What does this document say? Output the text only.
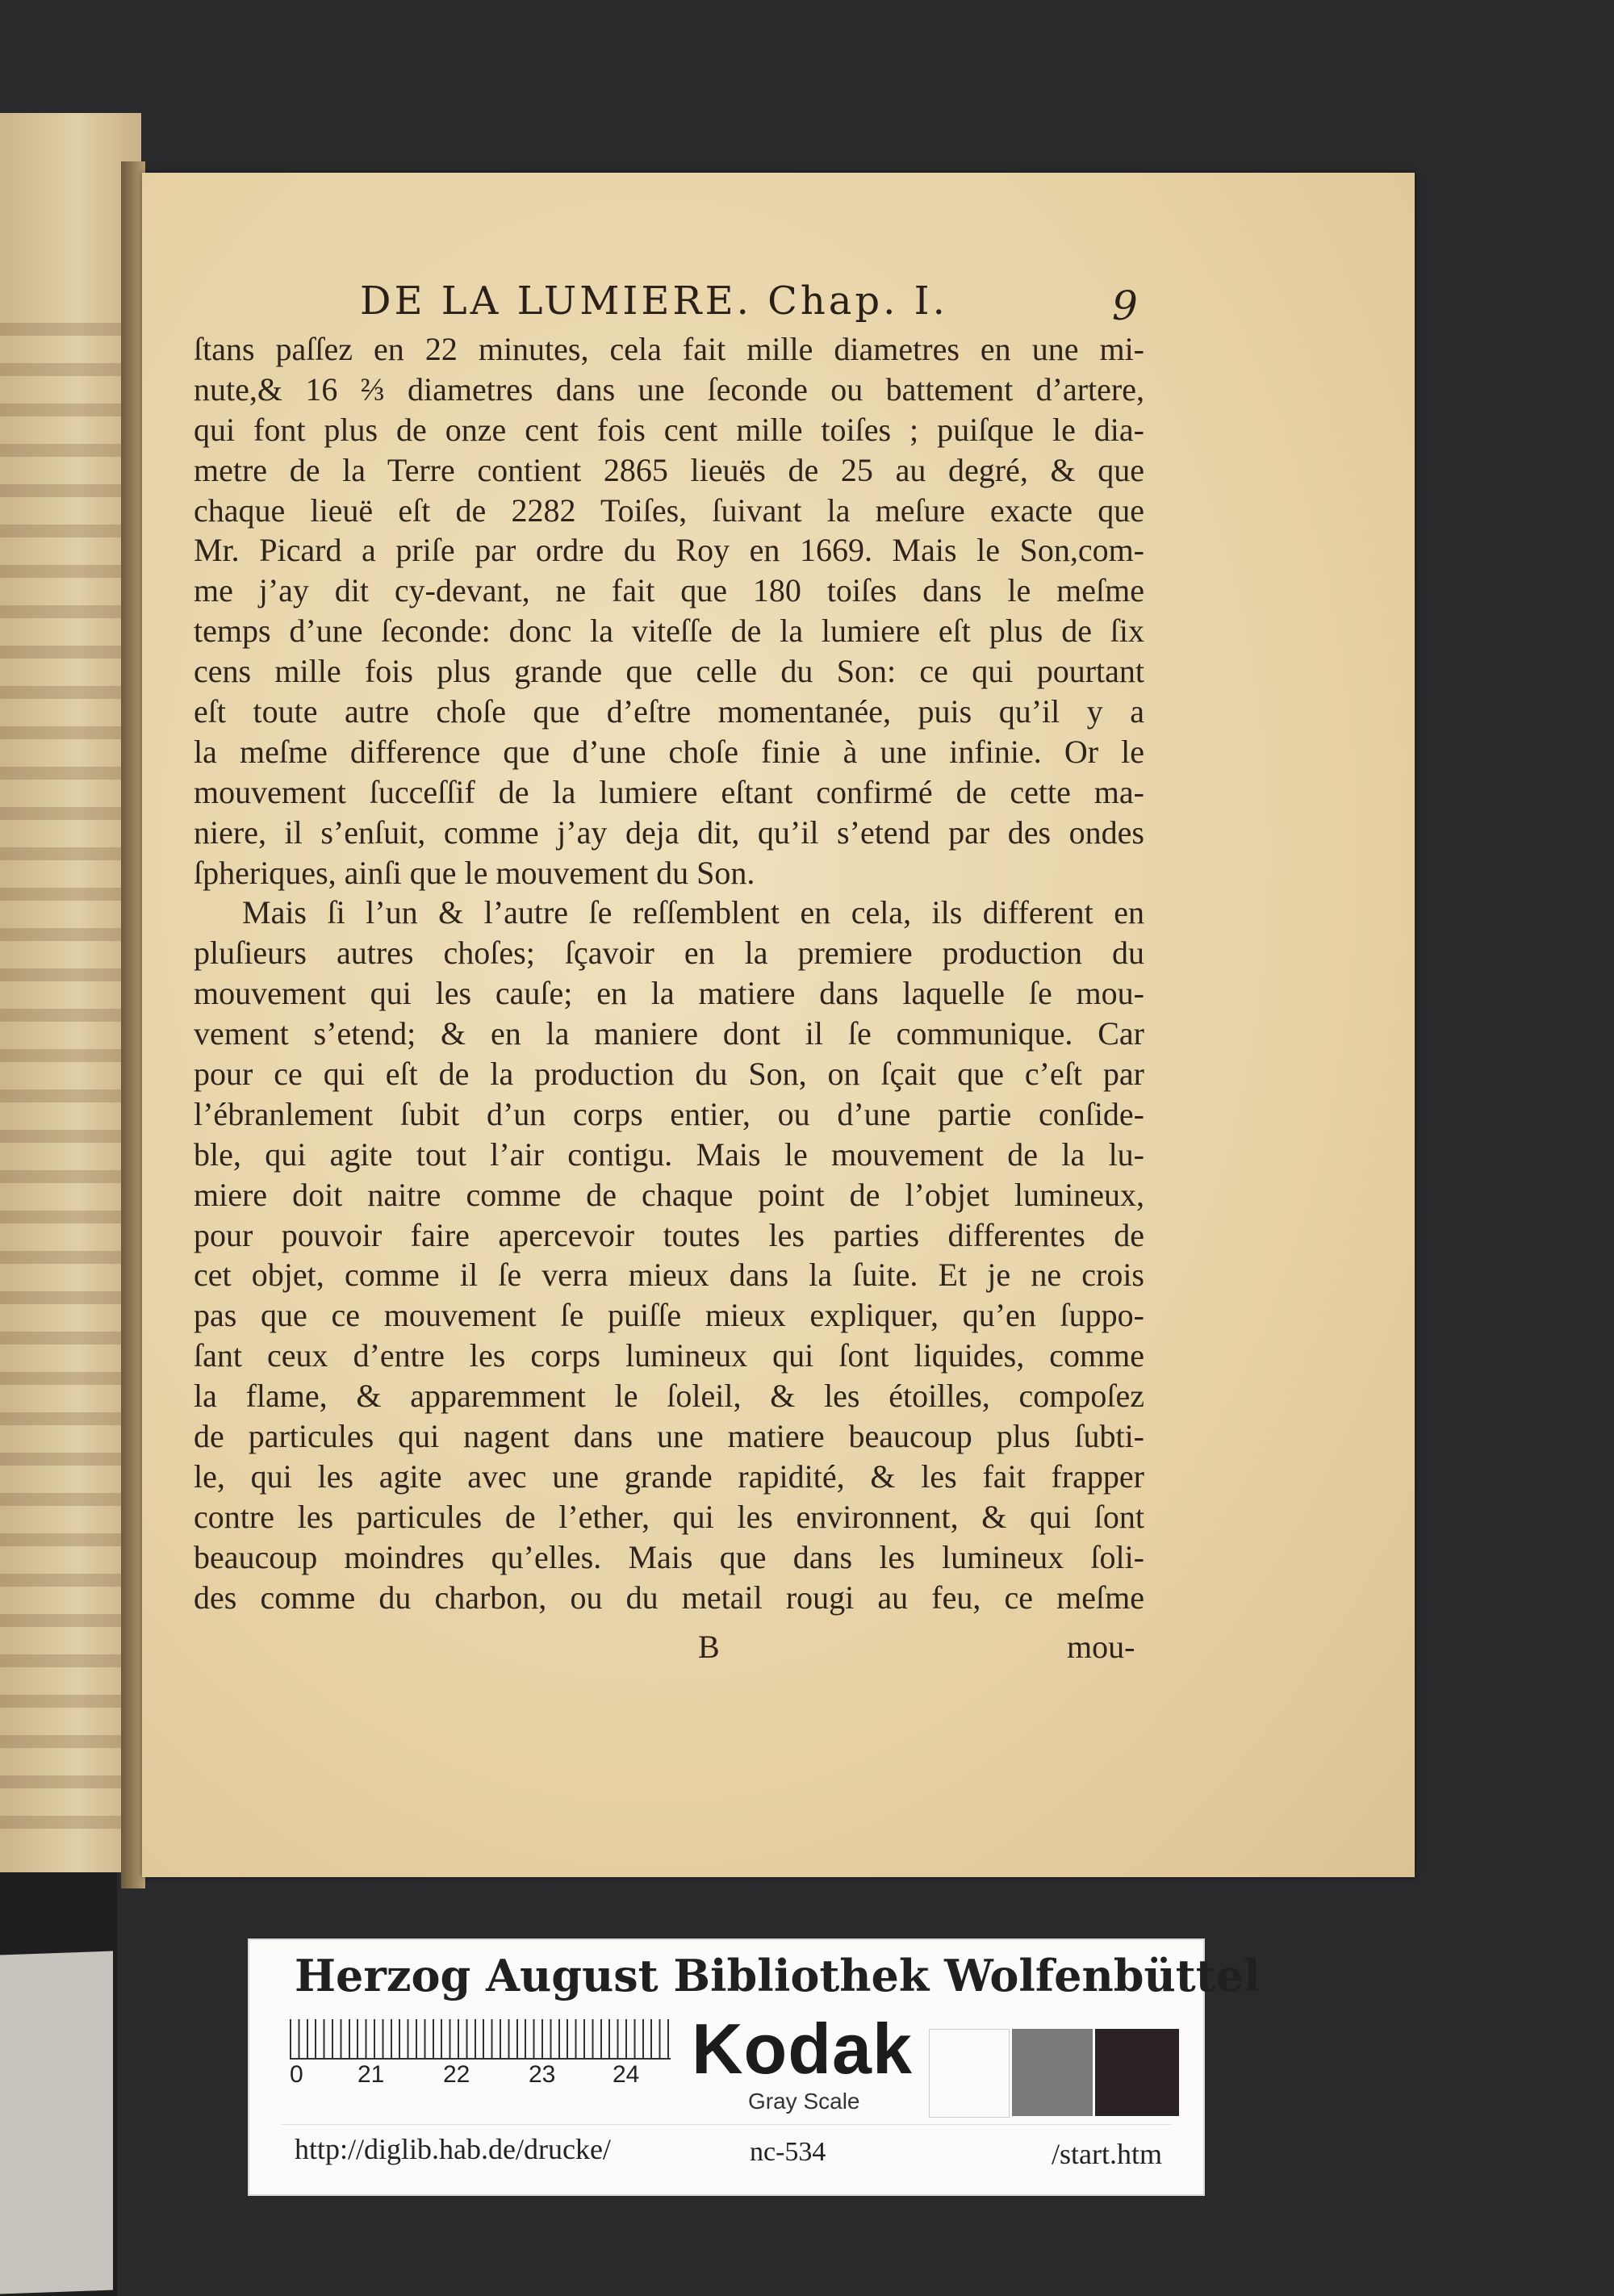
DE LA LUMIERE. Chap. I.	9
ſtans paſſez en 22 minutes, cela fait mille diametres en une mi-
nute,& 16 ⅔ diametres dans une ſeconde ou battement d’artere,
qui font plus de onze cent fois cent mille toiſes ; puiſque le dia-
metre de la Terre contient 2865 lieuës de 25 au degré, & que
chaque lieuë eſt de 2282 Toiſes, ſuivant la meſure exacte que
Mr. Picard a priſe par ordre du Roy en 1669. Mais le Son,com-
me j’ay dit cy-devant, ne fait que 180 toiſes dans le meſme
temps d’une ſeconde: donc la viteſſe de la lumiere eſt plus de ſix
cens mille fois plus grande que celle du Son: ce qui pourtant
eſt toute autre choſe que d’eſtre momentanée, puis qu’il y a
la meſme difference que d’une choſe finie à une infinie. Or le
mouvement ſucceſſif de la lumiere eſtant confirmé de cette ma-
niere, il s’enſuit, comme j’ay deja dit, qu’il s’etend par des ondes
ſpheriques, ainſi que le mouvement du Son.
Mais ſi l’un & l’autre ſe reſſemblent en cela, ils different en
pluſieurs autres choſes; ſçavoir en la premiere production du
mouvement qui les cauſe; en la matiere dans laquelle ſe mou-
vement s’etend; & en la maniere dont il ſe communique. Car
pour ce qui eſt de la production du Son, on ſçait que c’eſt par
l’ébranlement ſubit d’un corps entier, ou d’une partie conſide-
ble, qui agite tout l’air contigu. Mais le mouvement de la lu-
miere doit naitre comme de chaque point de l’objet lumineux,
pour pouvoir faire apercevoir toutes les parties differentes de
cet objet, comme il ſe verra mieux dans la ſuite. Et je ne crois
pas que ce mouvement ſe puiſſe mieux expliquer, qu’en ſuppo-
ſant ceux d’entre les corps lumineux qui ſont liquides, comme
la flame, & apparemment le ſoleil, & les étoilles, compoſez
de particules qui nagent dans une matiere beaucoup plus ſubti-
le, qui les agite avec une grande rapidité, & les fait frapper
contre les particules de l’ether, qui les environnent, & qui ſont
beaucoup moindres qu’elles. Mais que dans les lumineux ſoli-
des comme du charbon, ou du metail rougi au feu, ce meſme
B	mou-
Herzog August Bibliothek Wolfenbüttel
0 21 22 23 24 Kodak
Gray Scale
http://diglib.hab.de/drucke/	nc-534	/start.htm
